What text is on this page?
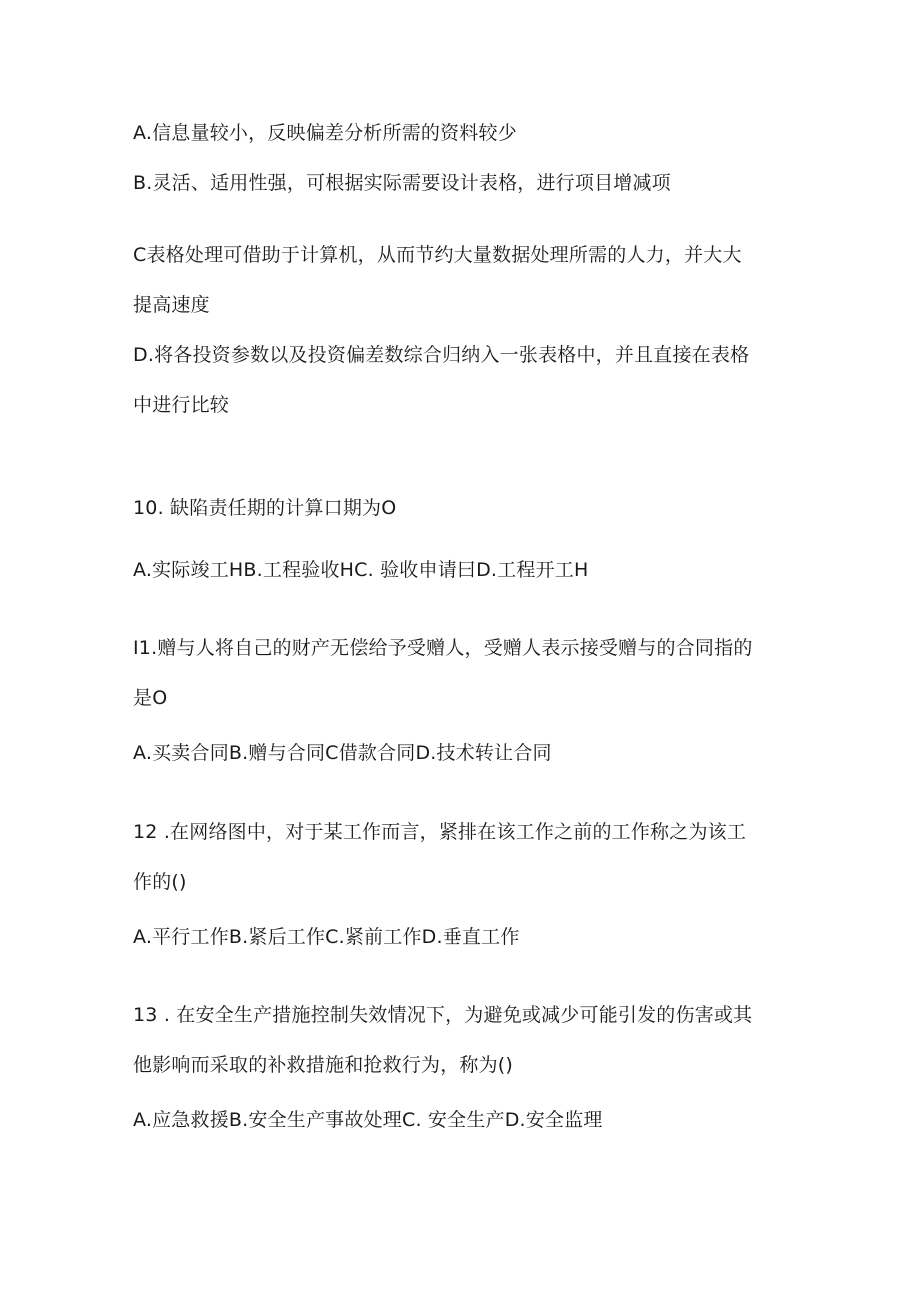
A.信息量较小，反映偏差分析所需的资料较少
B.灵活、适用性强，可根据实际需要设计表格，进行项目增减项
C表格处理可借助于计算机，从而节约大量数据处理所需的人力，并大大
提高速度
D.将各投资参数以及投资偏差数综合归纳入一张表格中，并且直接在表格
中进行比较
10. 缺陷责任期的计算口期为O
A.实际竣工HB.工程验收HC. 验收申请曰D.工程开工H
I1.赠与人将自己的财产无偿给予受赠人，受赠人表示接受赠与的合同指的
是O
A.买卖合同B.赠与合同C借款合同D.技术转让合同
12 .在网络图中，对于某工作而言，紧排在该工作之前的工作称之为该工
作的()
A.平行工作B.紧后工作C.紧前工作D.垂直工作
13 . 在安全生产措施控制失效情况下，为避免或减少可能引发的伤害或其
他影响而采取的补救措施和抢救行为，称为()
A.应急救援B.安全生产事故处理C. 安全生产D.安全监理
